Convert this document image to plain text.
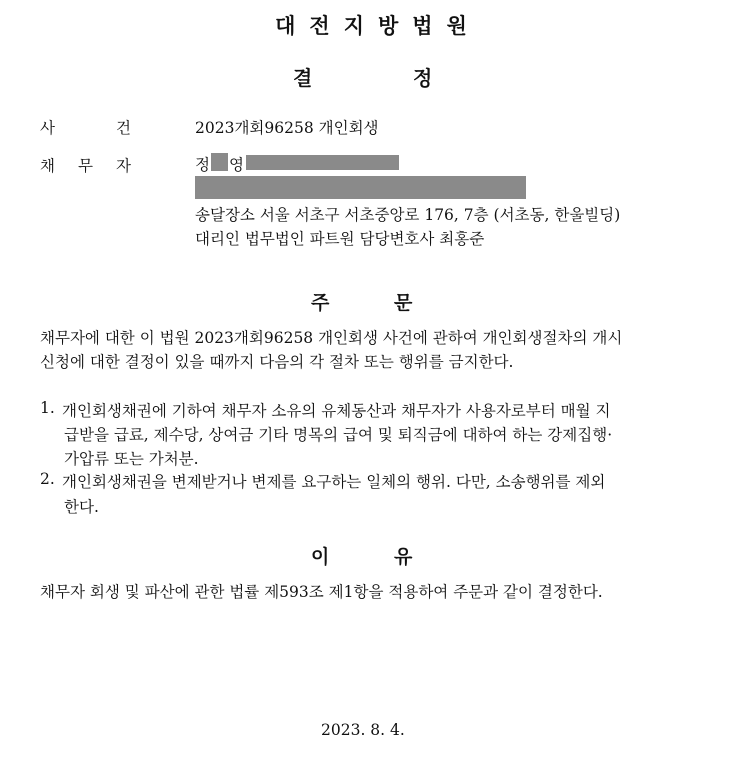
대전지방법원
결	정
사	건	2023개회96258 개인회생
채 무 자	정 영
송달장소 서울 서초구 서초중앙로 176, 7층 (서초동, 한울빌딩)
대리인 법무법인 파트원 담당변호사 최홍준
주	문
채무자에 대한 이 법원 2023개회96258 개인회생 사건에 관하여 개인회생절차의 개시
신청에 대한 결정이 있을 때까지 다음의 각 절차 또는 행위를 금지한다.
1. 개인회생채권에 기하여 채무자 소유의 유체동산과 채무자가 사용자로부터 매월 지
급받을 급료, 제수당, 상여금 기타 명목의 급여 및 퇴직금에 대하여 하는 강제집행·
가압류 또는 가처분.
2. 개인회생채권을 변제받거나 변제를 요구하는 일체의 행위. 다만, 소송행위를 제외
한다.
이	유
채무자 회생 및 파산에 관한 법률 제593조 제1항을 적용하여 주문과 같이 결정한다.
2023. 8. 4.
